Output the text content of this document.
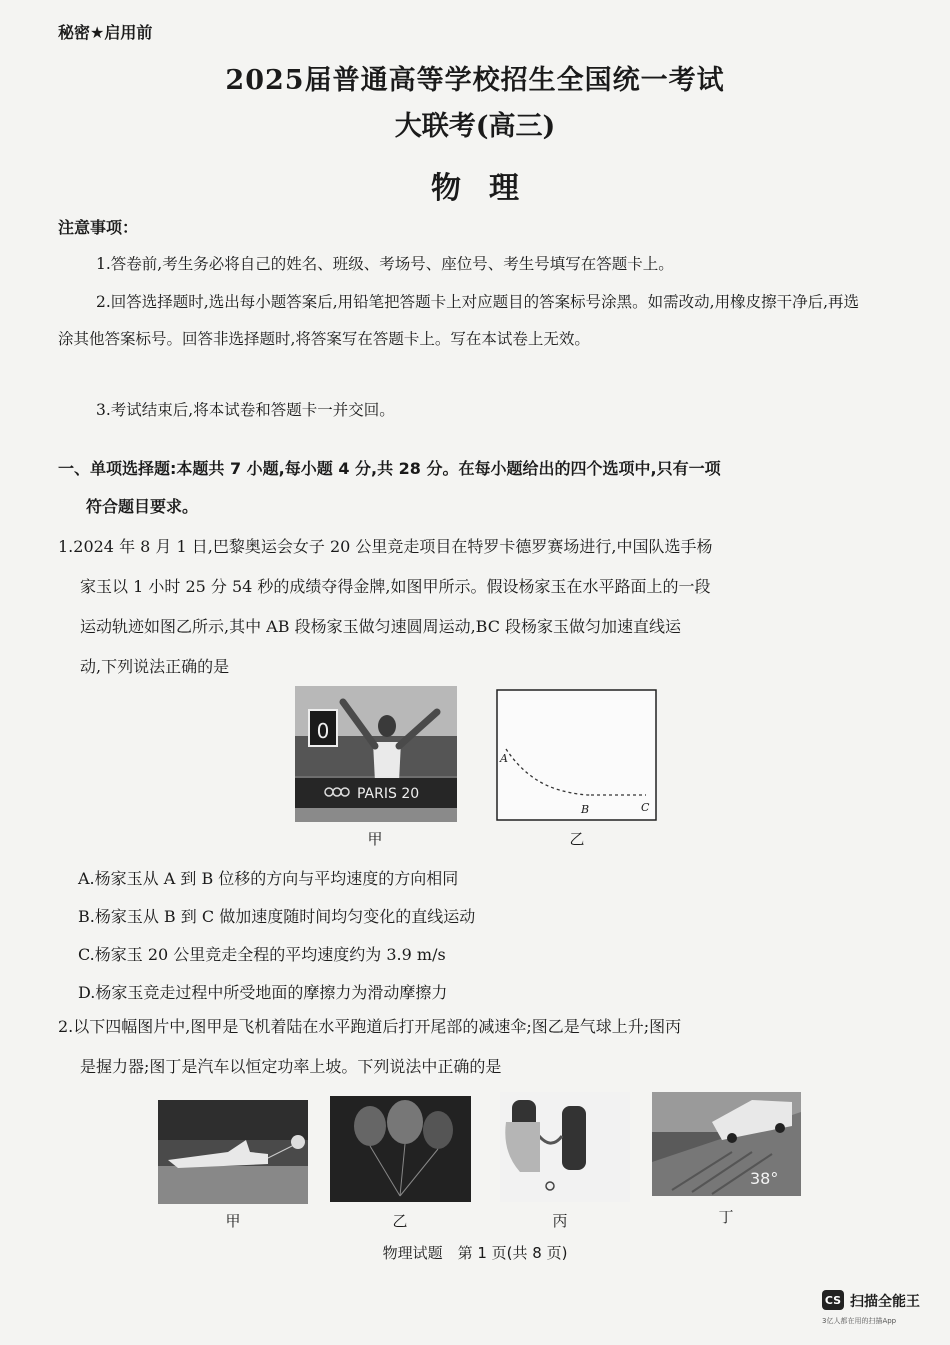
秘密★启用前
2025届普通高等学校招生全国统一考试
大联考(高三)
物理
注意事项：
1.答卷前,考生务必将自己的姓名、班级、考场号、座位号、考生号填写在答题卡上。
2.回答选择题时,选出每小题答案后,用铅笔把答题卡上对应题目的答案标号涂黑。如需改动,用橡皮擦干净后,再选涂其他答案标号。回答非选择题时,将答案写在答题卡上。写在本试卷上无效。
3.考试结束后,将本试卷和答题卡一并交回。
一、单项选择题:本题共 7 小题,每小题 4 分,共 28 分。在每小题给出的四个选项中,只有一项
符合题目要求。
1.2024 年 8 月 1 日,巴黎奥运会女子 20 公里竞走项目在特罗卡德罗赛场进行,中国队选手杨
家玉以 1 小时 25 分 54 秒的成绩夺得金牌,如图甲所示。假设杨家玉在水平路面上的一段
运动轨迹如图乙所示,其中 AB 段杨家玉做匀速圆周运动,BC 段杨家玉做匀加速直线运
动,下列说法正确的是
0
PARIS 20
甲
A
B	C
乙
A.杨家玉从 A 到 B 位移的方向与平均速度的方向相同
B.杨家玉从 B 到 C 做加速度随时间均匀变化的直线运动
C.杨家玉 20 公里竞走全程的平均速度约为 3.9 m/s
D.杨家玉竞走过程中所受地面的摩擦力为滑动摩擦力
2.以下四幅图片中,图甲是飞机着陆在水平跑道后打开尾部的减速伞;图乙是气球上升;图丙
是握力器;图丁是汽车以恒定功率上坡。下列说法中正确的是
甲	乙	丙
38°
丁
物理试题　第 1 页(共 8 页)
CS 扫描全能王
3亿人都在用的扫描App
